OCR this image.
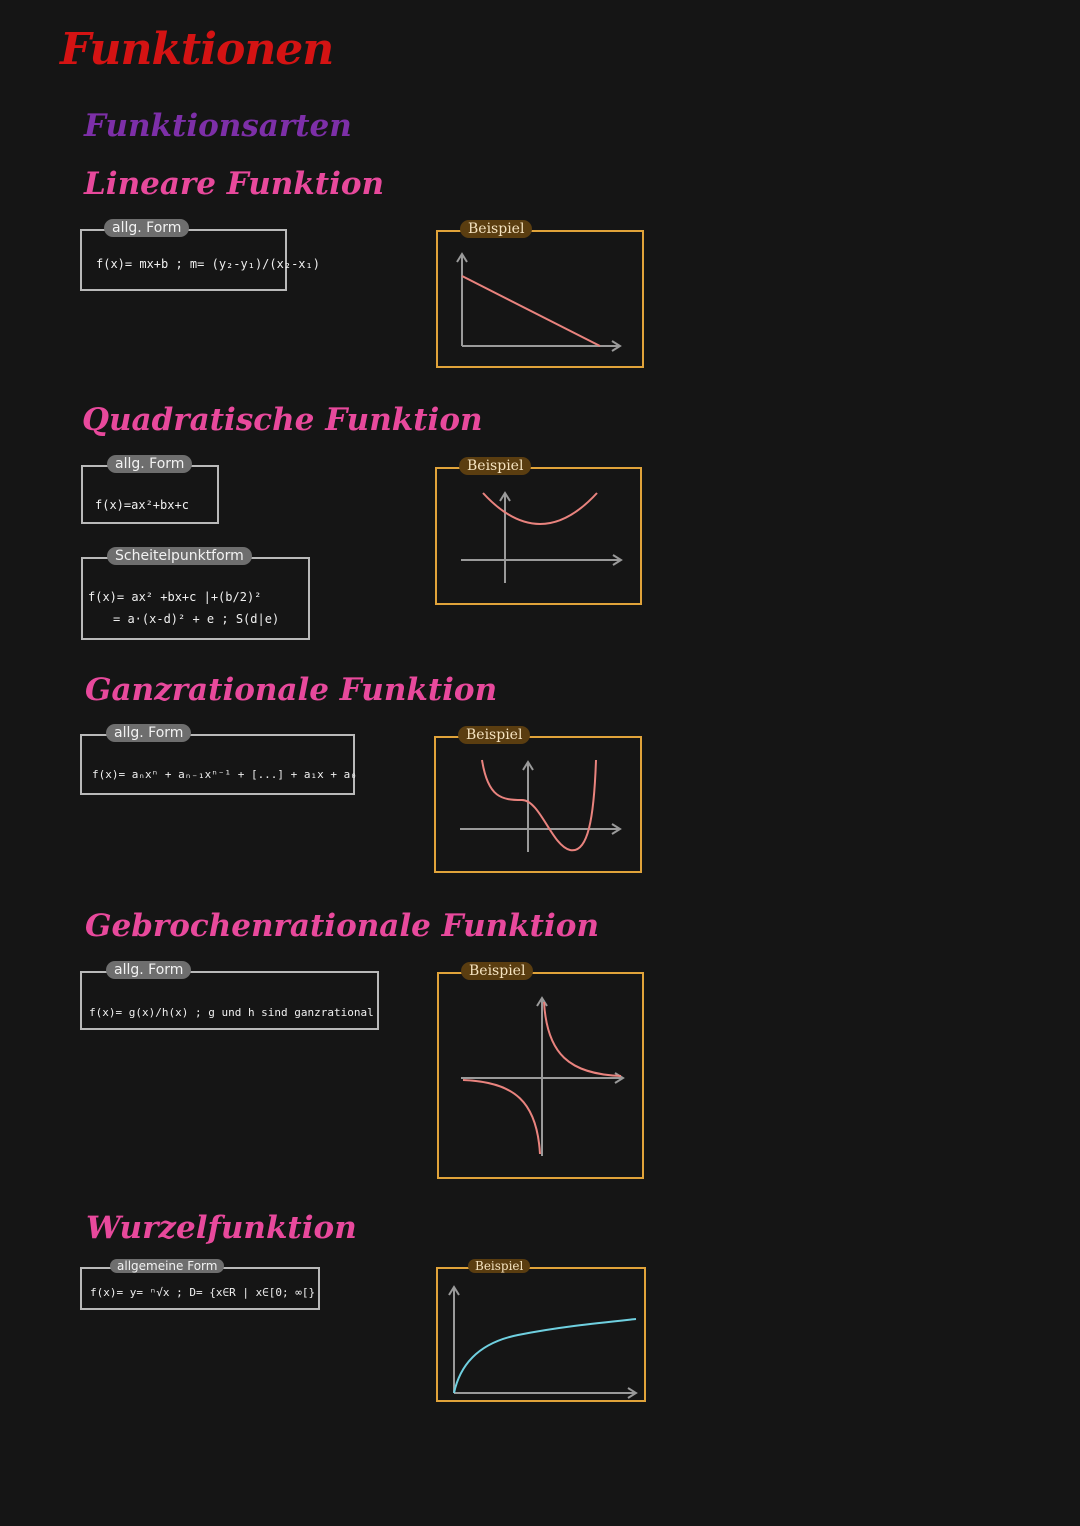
Funktionen
Funktionsarten
Lineare Funktion
allg. Form
f(x)= mx+b ; m= (y₂-y₁)/(x₂-x₁)
Beispiel
Quadratische Funktion
allg. Form
f(x)=ax²+bx+c
Scheitelpunktform
f(x)= ax² +bx+c |+(b/2)²
= a·(x-d)² + e ; S(d|e)
Beispiel
Ganzrationale Funktion
allg. Form
f(x)= aₙxⁿ + aₙ₋₁xⁿ⁻¹ + [...] + a₁x + a₀
Beispiel
Gebrochenrationale Funktion
allg. Form
f(x)= g(x)/h(x) ; g und h sind ganzrational
Beispiel
Wurzelfunktion
allgemeine Form
f(x)= y= ⁿ√x ; D= {x∈R | x∈[0; ∞[}
Beispiel
